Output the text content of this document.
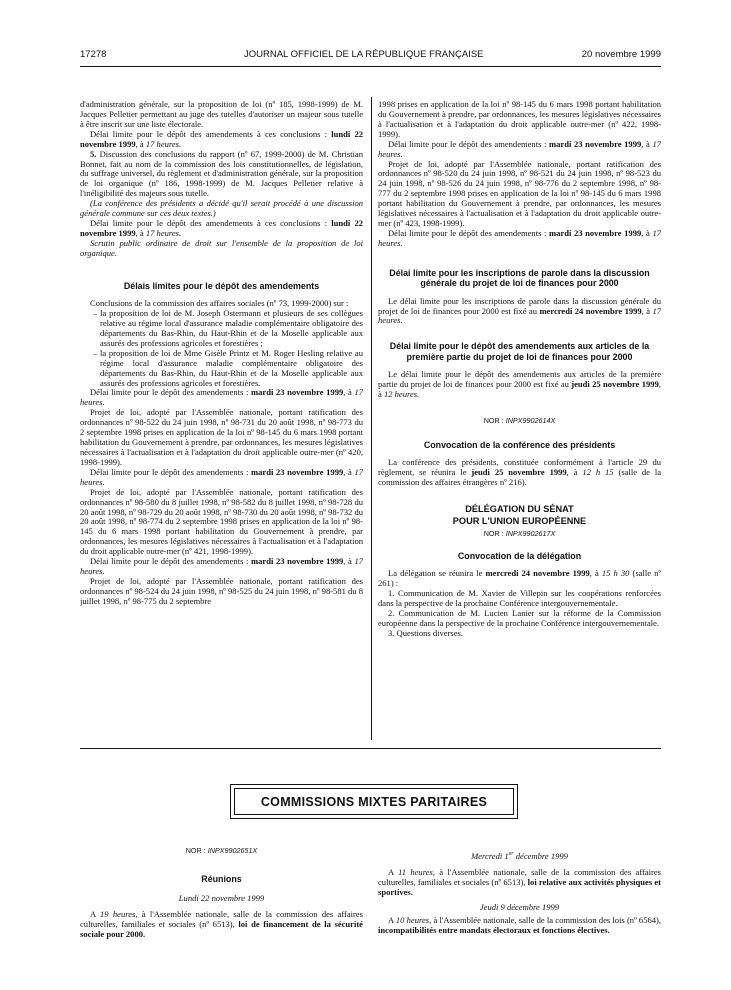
17278	JOURNAL OFFICIEL DE LA RÉPUBLIQUE FRANÇAISE	20 novembre 1999

d'administration générale, sur la proposition de loi (nº 185, 1998-1999) de M. Jacques Pelletier permettant au juge des tutelles d'autoriser un majeur sous tutelle à être inscrit sur une liste électorale.

Délai limite pour le dépôt des amendements à ces conclusions : lundi 22 novembre 1999, à 17 heures.

5. Discussion des conclusions du rapport (nº 67, 1999-2000) de M. Christian Bonnet, fait au nom de la commission des lois constitutionnelles, de législation, du suffrage universel, du règlement et d'administration générale, sur la proposition de loi organique (nº 186, 1998-1999) de M. Jacques Pelletier relative à l'inéligibilité des majeurs sous tutelle.

(La conférence des présidents a décidé qu'il serait procédé à une discussion générale commune sur ces deux textes.)

Délai limite pour le dépôt des amendements à ces conclusions : lundi 22 novembre 1999, à 17 heures.

Scrutin public ordinaire de droit sur l'ensemble de la proposition de loi organique.

Délais limites pour le dépôt des amendements

Conclusions de la commission des affaires sociales (nº 73, 1999-2000) sur :

– la proposition de loi de M. Joseph Ostermann et plusieurs de ses collègues relative au régime local d'assurance maladie complémentaire obligatoire des départements du Bas-Rhin, du Haut-Rhin et de la Moselle applicable aux assurés des professions agricoles et forestières ;

– la proposition de loi de Mme Gisèle Printz et M. Roger Hesling relative au régime local d'assurance maladie complémentaire obligatoire des départements du Bas-Rhin, du Haut-Rhin et de la Moselle applicable aux assurés des professions agricoles et forestières.

Délai limite pour le dépôt des amendements : mardi 23 novembre 1999, à 17 heures.

Projet de loi, adopté par l'Assemblée nationale, portant ratification des ordonnances nº 98-522 du 24 juin 1998, nº 98-731 du 20 août 1998, nº 98-773 du 2 septembre 1998 prises en application de la loi nº 98-145 du 6 mars 1998 portant habilitation du Gouvernement à prendre, par ordonnances, les mesures législatives nécessaires à l'actualisation et à l'adaptation du droit applicable outre-mer (nº 420, 1998-1999).

Délai limite pour le dépôt des amendements : mardi 23 novembre 1999, à 17 heures.

Projet de loi, adopté par l'Assemblée nationale, portant ratification des ordonnances nº 98-580 du 8 juillet 1998, nº 98-582 du 8 juillet 1998, nº 98-728 du 20 août 1998, nº 98-729 du 20 août 1998, nº 98-730 du 20 août 1998, nº 98-732 du 20 août 1998, nº 98-774 du 2 septembre 1998 prises en application de la loi nº 98-145 du 6 mars 1998 portant habilitation du Gouvernement à prendre, par ordonnances, les mesures législatives nécessaires à l'actualisation et à l'adaptation du droit applicable outre-mer (nº 421, 1998-1999).

Délai limite pour le dépôt des amendements : mardi 23 novembre 1999, à 17 heures.

Projet de loi, adopté par l'Assemblée nationale, portant ratification des ordonnances nº 98-524 du 24 juin 1998, nº 98-525 du 24 juin 1998, nº 98-581 du 8 juillet 1998, nº 98-775 du 2 septembre

1998 prises en application de la loi nº 98-145 du 6 mars 1998 portant habilitation du Gouvernement à prendre, par ordonnances, les mesures législatives nécessaires à l'actualisation et à l'adaptation du droit applicable outre-mer (nº 422, 1998-1999).

Délai limite pour le dépôt des amendements : mardi 23 novembre 1999, à 17 heures.

Projet de loi, adopté par l'Assemblée nationale, portant ratification des ordonnances nº 98-520 du 24 juin 1998, nº 98-521 du 24 juin 1998, nº 98-523 du 24 juin 1998, nº 98-526 du 24 juin 1998, nº 98-776 du 2 septembre 1998, nº 98-777 du 2 septembre 1998 prises en application de la loi nº 98-145 du 6 mars 1998 portant habilitation du Gouvernement à prendre, par ordonnances, les mesures législatives nécessaires à l'actualisation et à l'adaptation du droit applicable outre-mer (nº 423, 1998-1999).

Délai limite pour le dépôt des amendements : mardi 23 novembre 1999, à 17 heures.

Délai limite pour les inscriptions de parole dans la discussion générale du projet de loi de finances pour 2000

Le délai limite pour les inscriptions de parole dans la discussion générale du projet de loi de finances pour 2000 est fixé au mercredi 24 novembre 1999, à 17 heures.

Délai limite pour le dépôt des amendements aux articles de la première partie du projet de loi de finances pour 2000

Le délai limite pour le dépôt des amendements aux articles de la première partie du projet de loi de finances pour 2000 est fixé au jeudi 25 novembre 1999, à 12 heures.

NOR : INPX9902614X
Convocation de la conférence des présidents

La conférence des présidents, constituée conformément à l'article 29 du règlement, se réunira le jeudi 25 novembre 1999, à 12 h 15 (salle de la commission des affaires étrangères nº 216).

DÉLÉGATION DU SÉNAT
POUR L'UNION EUROPÉENNE
NOR : INPX9902617X
Convocation de la délégation

La délégation se réunira le mercredi 24 novembre 1999, à 15 h 30 (salle nº 261) :

1. Communication de M. Xavier de Villepin sur les coopérations renforcées dans la perspective de la prochaine Conférence intergouvernementale.

2. Communication de M. Lucien Lanier sur la réforme de la Commission européenne dans la perspective de la prochaine Conférence intergouvernementale.

3. Questions diverses.

COMMISSIONS MIXTES PARITAIRES
NOR : INPX9902651X
Réunions

Lundi 22 novembre 1999

A 19 heures, à l'Assemblée nationale, salle de la commission des affaires culturelles, familiales et sociales (nº 6513), loi de financement de la sécurité sociale pour 2000.

Mercredi 1er décembre 1999

A 11 heures, à l'Assemblée nationale, salle de la commission des affaires culturelles, familiales et sociales (nº 6513), loi relative aux activités physiques et sportives.

Jeudi 9 décembre 1999

A 10 heures, à l'Assemblée nationale, salle de la commission des lois (nº 6564), incompatibilités entre mandats électoraux et fonctions électives.
